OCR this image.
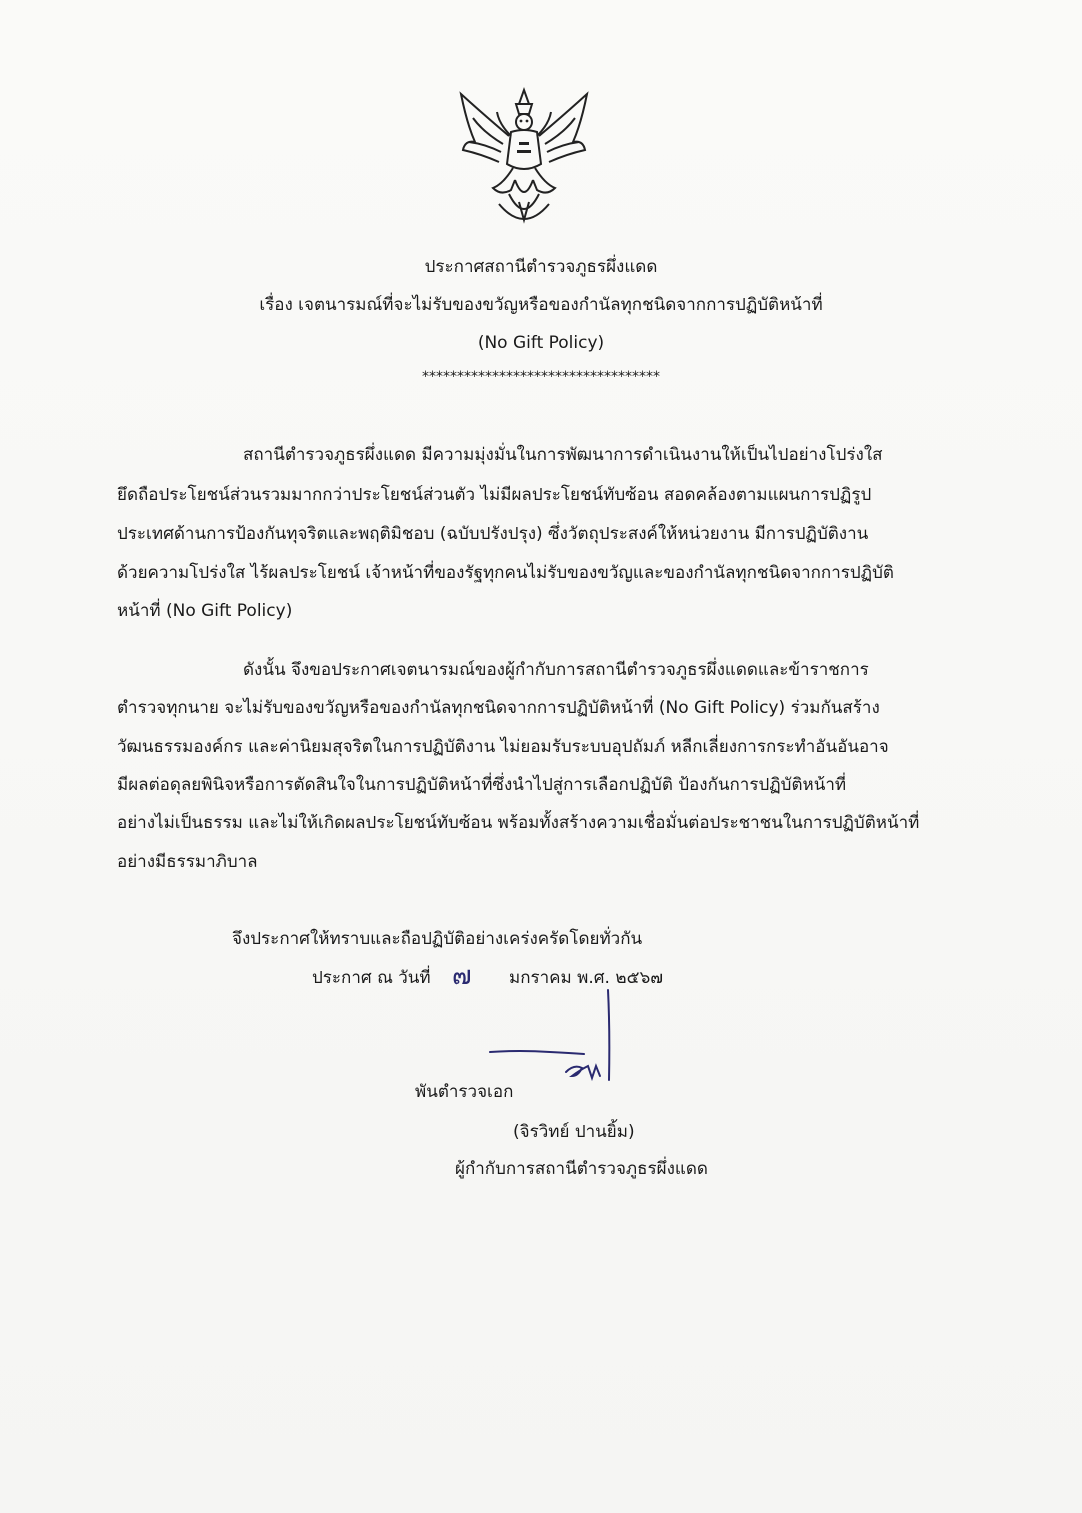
ประกาศสถานีตำรวจภูธรผึ่งแดด
เรื่อง เจตนารมณ์ที่จะไม่รับของขวัญหรือของกำนัลทุกชนิดจากการปฏิบัติหน้าที่
(No Gift Policy)
**********************************
สถานีตำรวจภูธรผึ่งแดด มีความมุ่งมั่นในการพัฒนาการดำเนินงานให้เป็นไปอย่างโปร่งใส
ยึดถือประโยชน์ส่วนรวมมากกว่าประโยชน์ส่วนตัว ไม่มีผลประโยชน์ทับซ้อน สอดคล้องตามแผนการปฏิรูป
ประเทศด้านการป้องกันทุจริตและพฤติมิชอบ (ฉบับปรังปรุง) ซึ่งวัตถุประสงค์ให้หน่วยงาน มีการปฏิบัติงาน
ด้วยความโปร่งใส ไร้ผลประโยชน์ เจ้าหน้าที่ของรัฐทุกคนไม่รับของขวัญและของกำนัลทุกชนิดจากการปฏิบัติ
หน้าที่ (No Gift Policy)
ดังนั้น จึงขอประกาศเจตนารมณ์ของผู้กำกับการสถานีตำรวจภูธรผึ่งแดดและข้าราชการ
ตำรวจทุกนาย จะไม่รับของขวัญหรือของกำนัลทุกชนิดจากการปฏิบัติหน้าที่ (No Gift Policy) ร่วมกันสร้าง
วัฒนธรรมองค์กร และค่านิยมสุจริตในการปฏิบัติงาน ไม่ยอมรับระบบอุปถัมภ์ หลีกเลี่ยงการกระทำอันอันอาจ
มีผลต่อดุลยพินิจหรือการตัดสินใจในการปฏิบัติหน้าที่ซึ่งนำไปสู่การเลือกปฏิบัติ ป้องกันการปฏิบัติหน้าที่
อย่างไม่เป็นธรรม และไม่ให้เกิดผลประโยชน์ทับซ้อน พร้อมทั้งสร้างความเชื่อมั่นต่อประชาชนในการปฏิบัติหน้าที่
อย่างมีธรรมาภิบาล
จึงประกาศให้ทราบและถือปฏิบัติอย่างเคร่งครัดโดยทั่วกัน
ประกาศ ณ วันที่ ๗ มกราคม พ.ศ. ๒๕๖๗
พันตำรวจเอก
(จิรวิทย์ ปานยิ้ม)
ผู้กำกับการสถานีตำรวจภูธรผึ่งแดด
